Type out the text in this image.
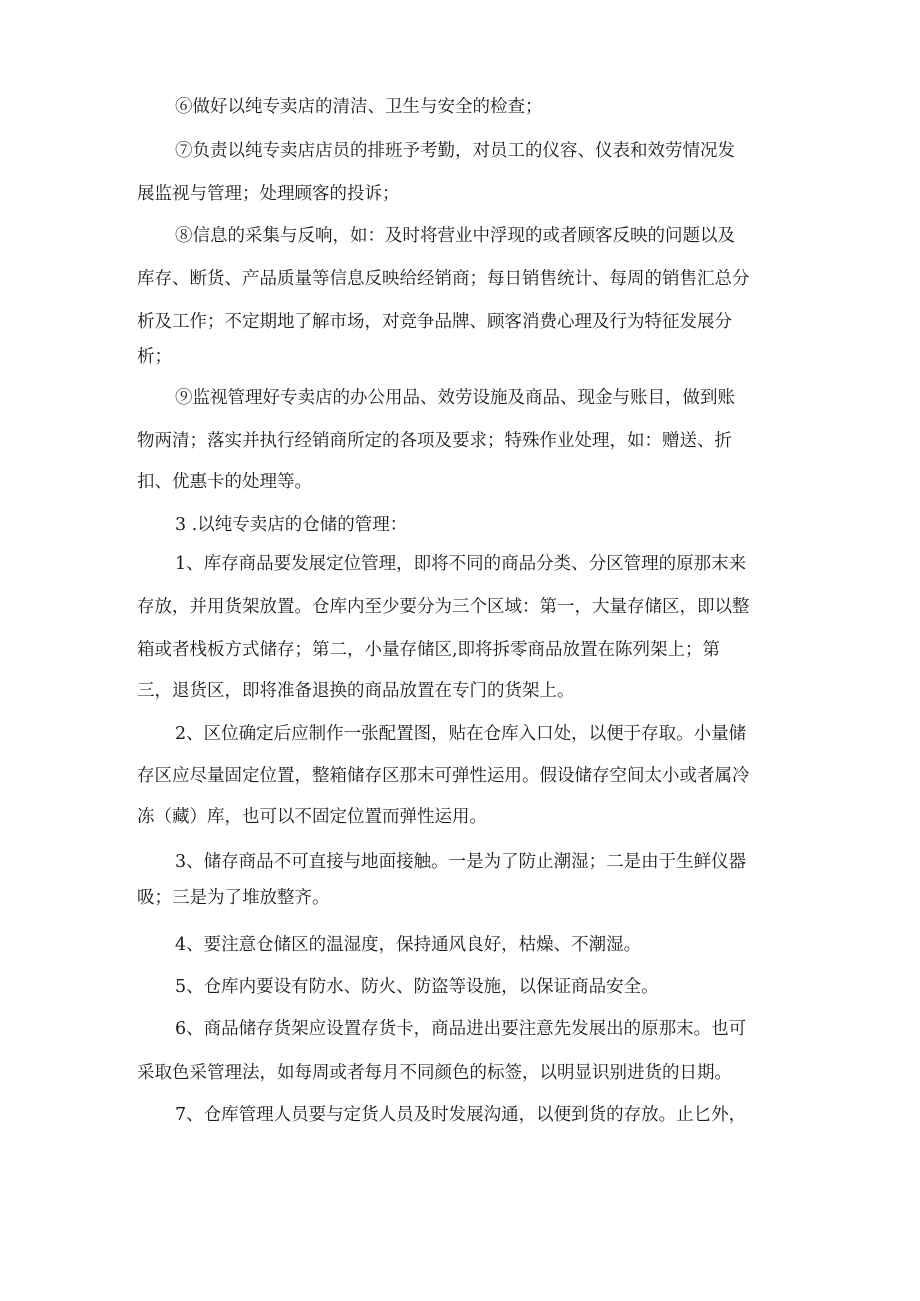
⑥做好以纯专卖店的清洁、卫生与安全的检查；
⑦负责以纯专卖店店员的排班予考勤，对员工的仪容、仪表和效劳情况发
展监视与管理；处理顾客的投诉；
⑧信息的采集与反响，如：及时将营业中浮现的或者顾客反映的问题以及
库存、断货、产品质量等信息反映给经销商；每日销售统计、每周的销售汇总分
析及工作；不定期地了解市场，对竞争品牌、顾客消费心理及行为特征发展分
析；
⑨监视管理好专卖店的办公用品、效劳设施及商品、现金与账目，做到账
物两清；落实并执行经销商所定的各项及要求；特殊作业处理，如：赠送、折
扣、优惠卡的处理等。
3 .以纯专卖店的仓储的管理：
1、库存商品要发展定位管理，即将不同的商品分类、分区管理的原那末来
存放，并用货架放置。仓库内至少要分为三个区域：第一，大量存储区，即以整
箱或者栈板方式储存；第二，小量存储区,即将拆零商品放置在陈列架上；第
三，退货区，即将准备退换的商品放置在专门的货架上。
2、区位确定后应制作一张配置图，贴在仓库入口处，以便于存取。小量储
存区应尽量固定位置，整箱储存区那末可弹性运用。假设储存空间太小或者属冷
冻（藏）库，也可以不固定位置而弹性运用。
3、储存商品不可直接与地面接触。一是为了防止潮湿；二是由于生鲜仪器
吸；三是为了堆放整齐。
4、要注意仓储区的温湿度，保持通风良好，枯燥、不潮湿。
5、仓库内要设有防水、防火、防盗等设施，以保证商品安全。
6、商品储存货架应设置存货卡，商品进出要注意先发展出的原那末。也可
采取色采管理法，如每周或者每月不同颜色的标签，以明显识别进货的日期。
7、仓库管理人员要与定货人员及时发展沟通，以便到货的存放。止匕外，
